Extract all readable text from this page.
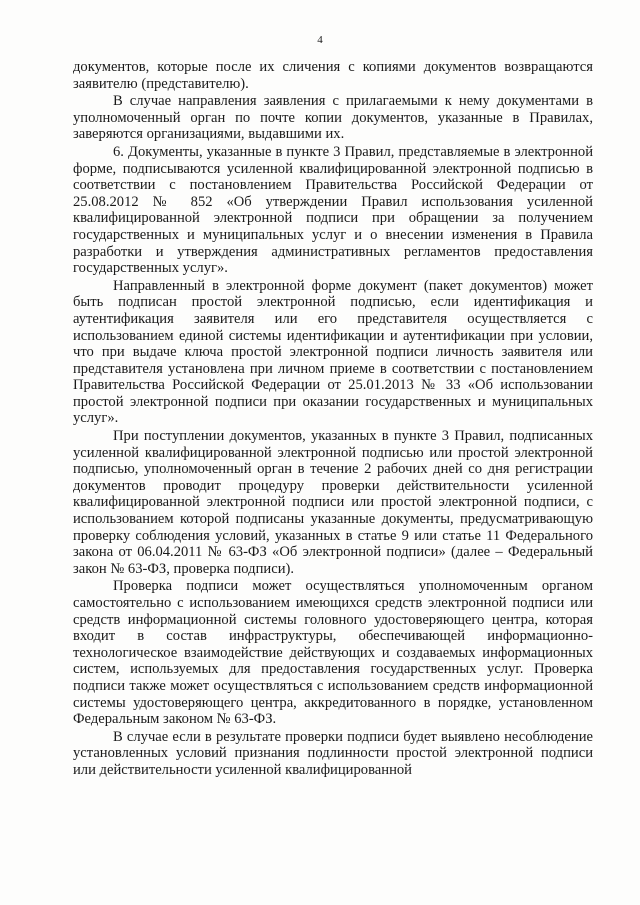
4

документов, которые после их сличения с копиями документов возвращаются заявителю (представителю).

В случае направления заявления с прилагаемыми к нему документами в уполномоченный орган по почте копии документов, указанные в Правилах, заверяются организациями, выдавшими их.

6. Документы, указанные в пункте 3 Правил, представляемые в электронной форме, подписываются усиленной квалифицированной электронной подписью в соответствии с постановлением Правительства Российской Федерации от 25.08.2012 № 852 «Об утверждении Правил использования усиленной квалифицированной электронной подписи при обращении за получением государственных и муниципальных услуг и о внесении изменения в Правила разработки и утверждения административных регламентов предоставления государственных услуг».

Направленный в электронной форме документ (пакет документов) может быть подписан простой электронной подписью, если идентификация и аутентификация заявителя или его представителя осуществляется с использованием единой системы идентификации и аутентификации при условии, что при выдаче ключа простой электронной подписи личность заявителя или представителя установлена при личном приеме в соответствии с постановлением Правительства Российской Федерации от 25.01.2013 № 33 «Об использовании простой электронной подписи при оказании государственных и муниципальных услуг».

При поступлении документов, указанных в пункте 3 Правил, подписанных усиленной квалифицированной электронной подписью или простой электронной подписью, уполномоченный орган в течение 2 рабочих дней со дня регистрации документов проводит процедуру проверки действительности усиленной квалифицированной электронной подписи или простой электронной подписи, с использованием которой подписаны указанные документы, предусматривающую проверку соблюдения условий, указанных в статье 9 или статье 11 Федерального закона от 06.04.2011 № 63-ФЗ «Об электронной подписи» (далее – Федеральный закон № 63-ФЗ, проверка подписи).

Проверка подписи может осуществляться уполномоченным органом самостоятельно с использованием имеющихся средств электронной подписи или средств информационной системы головного удостоверяющего центра, которая входит в состав инфраструктуры, обеспечивающей информационно-технологическое взаимодействие действующих и создаваемых информационных систем, используемых для предоставления государственных услуг. Проверка подписи также может осуществляться с использованием средств информационной системы удостоверяющего центра, аккредитованного в порядке, установленном Федеральным законом № 63-ФЗ.

В случае если в результате проверки подписи будет выявлено несоблюдение установленных условий признания подлинности простой электронной подписи или действительности усиленной квалифицированной
